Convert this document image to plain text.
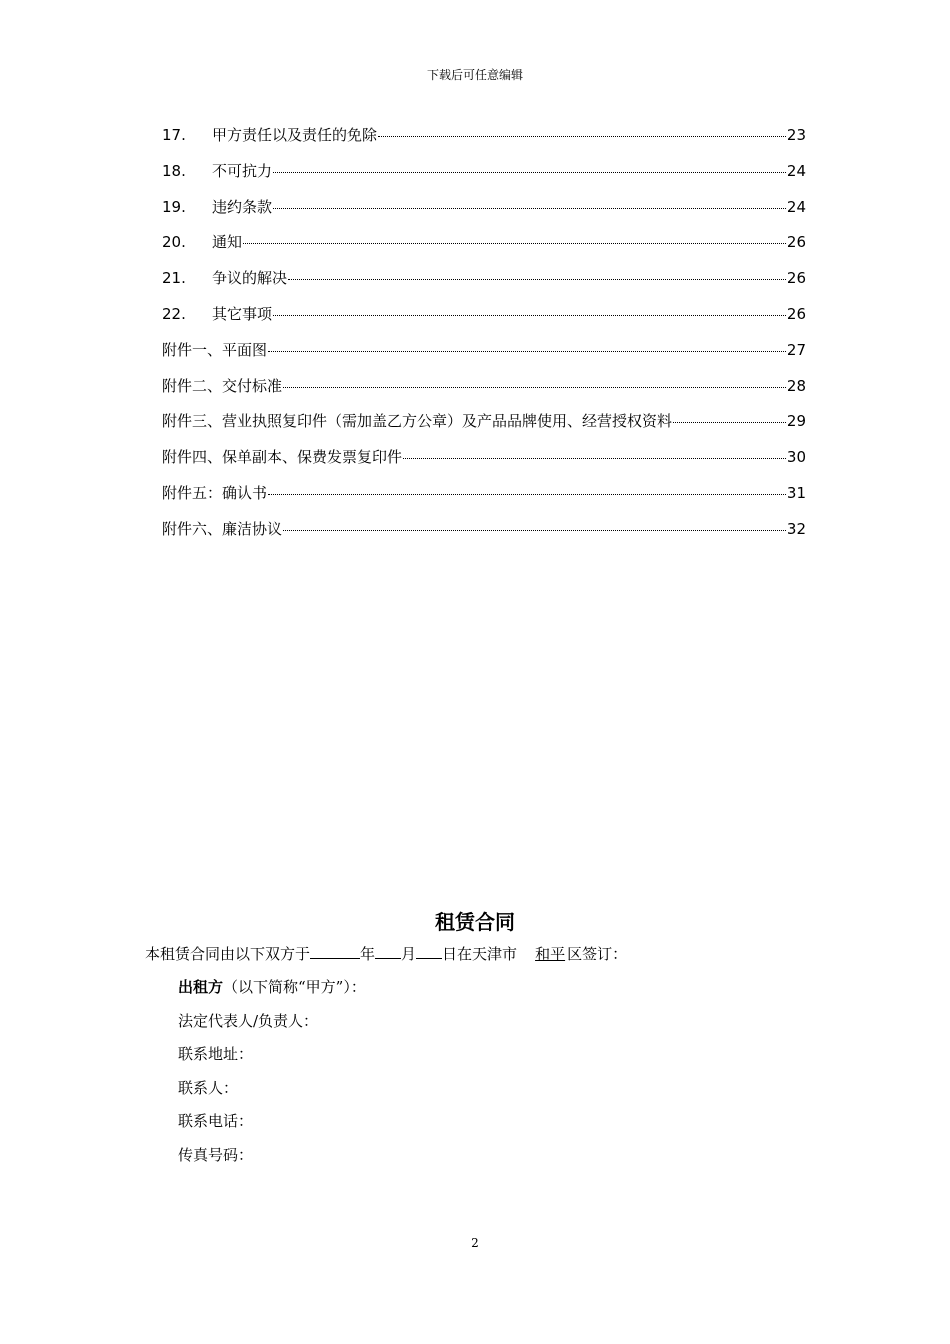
下载后可任意编辑
17.	甲方责任以及责任的免除	23
18.	不可抗力	24
19.	违约条款	24
20.	通知	26
21.	争议的解决	26
22.	其它事项	26
附件一、平面图	27
附件二、交付标准	28
附件三、营业执照复印件（需加盖乙方公章）及产品品牌使用、经营授权资料	29
附件四、保单副本、保费发票复印件	30
附件五：确认书	31
附件六、廉洁协议	32
租赁合同
本租赁合同由以下双方于	年 月 日在天津市 和平 区签订：
出租方（以下简称“甲方”）：
法定代表人/负责人：
联系地址：
联系人：
联系电话：
传真号码：
2
